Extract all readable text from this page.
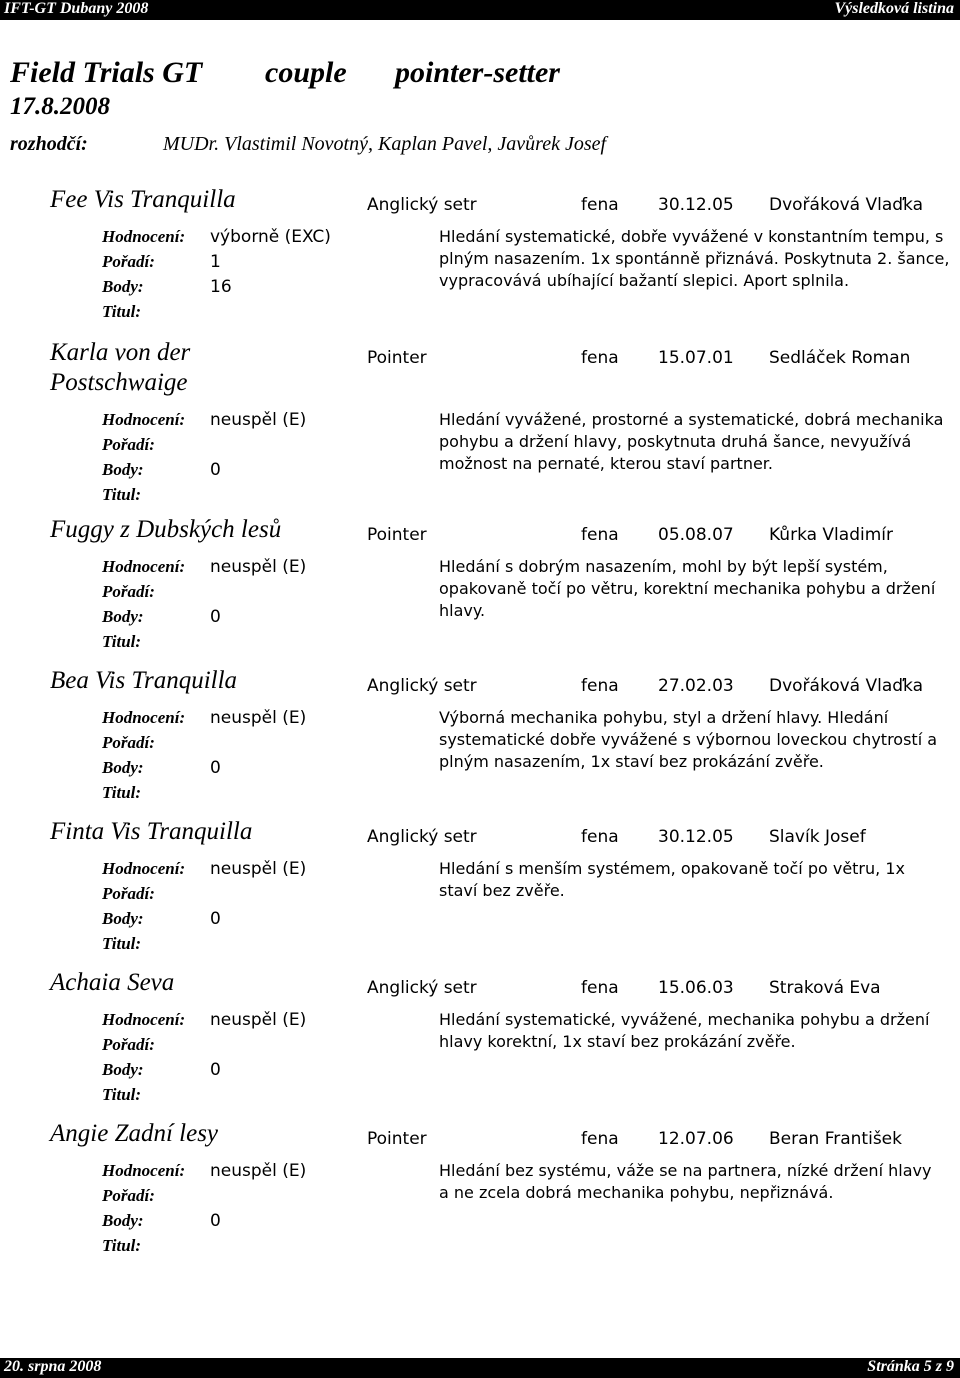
IFT-GT Dubany 2008	Výsledková listina
Field Trials GT couple pointer-setter
17.8.2008
rozhodčí:	MUDr. Vlastimil Novotný, Kaplan Pavel, Javůrek Josef
Fee Vis Tranquilla	Anglický setr	fena 30.12.05 Dvořáková Vlaďka
Hodnocení: výborně (EXC)
Pořadí:	1
Body:	16
Titul:
Hledání systematické, dobře vyvážené v konstantním tempu, s
plným nasazením. 1x spontánně přiznává. Poskytnuta 2. šance,
vypracovává ubíhající bažantí slepici. Aport splnila.
Karla von der
Postschwaige
Pointer	fena 15.07.01 Sedláček Roman
Hodnocení: neuspěl (E)
Pořadí:
Body:	0
Titul:
Hledání vyvážené, prostorné a systematické, dobrá mechanika
pohybu a držení hlavy, poskytnuta druhá šance, nevyužívá
možnost na pernaté, kterou staví partner.
Fuggy z Dubských lesů	Pointer	fena 05.08.07 Kůrka Vladimír
Hodnocení: neuspěl (E)
Pořadí:
Body:	0
Titul:
Hledání s dobrým nasazením, mohl by být lepší systém,
opakovaně točí po větru, korektní mechanika pohybu a držení
hlavy.
Bea Vis Tranquilla	Anglický setr	fena 27.02.03 Dvořáková Vlaďka
Hodnocení: neuspěl (E)
Pořadí:
Body:	0
Titul:
Výborná mechanika pohybu, styl a držení hlavy. Hledání
systematické dobře vyvážené s výbornou loveckou chytrostí a
plným nasazením, 1x staví bez prokázání zvěře.
Finta Vis Tranquilla	Anglický setr	fena 30.12.05 Slavík Josef
Hodnocení: neuspěl (E)
Pořadí:
Body:	0
Titul:
Hledání s menším systémem, opakovaně točí po větru, 1x
staví bez zvěře.
Achaia Seva	Anglický setr	fena 15.06.03 Straková Eva
Hodnocení: neuspěl (E)
Pořadí:
Body:	0
Titul:
Hledání systematické, vyvážené, mechanika pohybu a držení
hlavy korektní, 1x staví bez prokázání zvěře.
Angie Zadní lesy	Pointer	fena 12.07.06 Beran František
Hodnocení: neuspěl (E)
Pořadí:
Body:	0
Titul:
Hledání bez systému, váže se na partnera, nízké držení hlavy
a ne zcela dobrá mechanika pohybu, nepřiznává.
20. srpna 2008	Stránka 5 z 9
